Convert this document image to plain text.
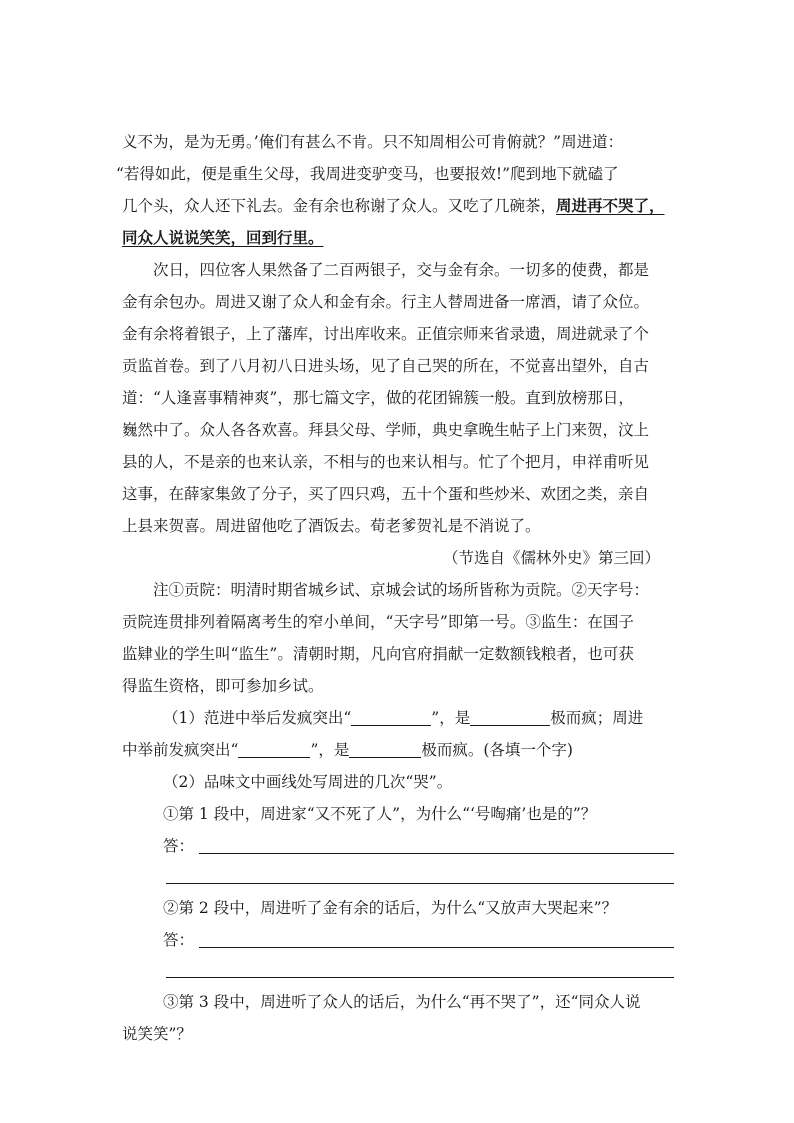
义不为，是为无勇。’俺们有甚么不肯。只不知周相公可肯俯就？”周进道：
“若得如此，便是重生父母，我周进变驴变马，也要报效!”爬到地下就磕了
几个头，众人还下礼去。金有余也称谢了众人。又吃了几碗茶，周进再不哭了，
同众人说说笑笑，回到行里。
次日，四位客人果然备了二百两银子，交与金有余。一切多的使费，都是
金有余包办。周进又谢了众人和金有余。行主人替周进备一席酒，请了众位。
金有余将着银子，上了藩库，讨出库收来。正值宗师来省录遗，周进就录了个
贡监首卷。到了八月初八日进头场，见了自己哭的所在，不觉喜出望外，自古
道：“人逢喜事精神爽”，那七篇文字，做的花团锦簇一般。直到放榜那日，
巍然中了。众人各各欢喜。拜县父母、学师，典史拿晚生帖子上门来贺，汶上
县的人，不是亲的也来认亲，不相与的也来认相与。忙了个把月，申祥甫听见
这事，在薛家集敛了分子，买了四只鸡，五十个蛋和些炒米、欢团之类，亲自
上县来贺喜。周进留他吃了酒饭去。荀老爹贺礼是不消说了。
（节选自《儒林外史》第三回）
注①贡院：明清时期省城乡试、京城会试的场所皆称为贡院。②天字号：
贡院连贯排列着隔离考生的窄小单间，“天字号”即第一号。③监生：在国子
监肄业的学生叫“监生”。清朝时期，凡向官府捐献一定数额钱粮者，也可获
得监生资格，即可参加乡试。
（1）范进中举后发疯突出“	”，是	极而疯；周进
中举前发疯突出“	”，是	极而疯。(各填一个字)
（2）品味文中画线处写周进的几次“哭”。
①第 1 段中，周进家“又不死了人”，为什么“‘号啕痛’也是的”？
答：
②第 2 段中，周进听了金有余的话后，为什么“又放声大哭起来”？
答：
③第 3 段中，周进听了众人的话后，为什么“再不哭了”，还“同众人说
说笑笑”？
